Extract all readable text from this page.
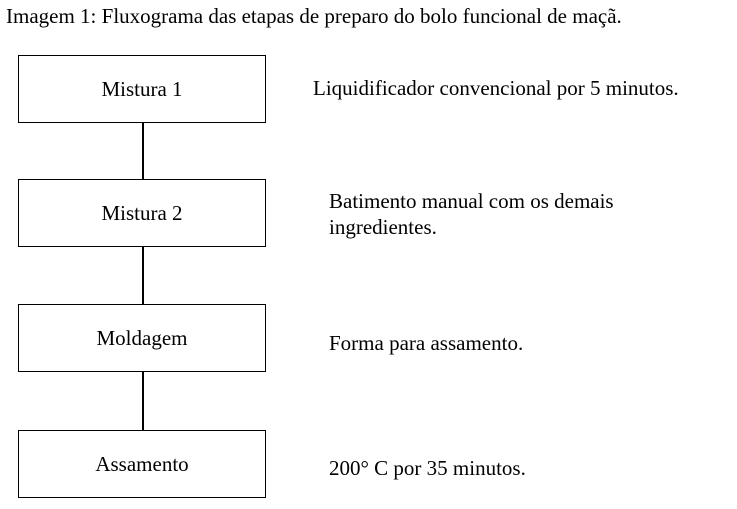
Imagem 1: Fluxograma das etapas de preparo do bolo funcional de maçã.
Mistura 1
Mistura 2
Moldagem
Assamento
Liquidificador convencional por 5 minutos.
Batimento manual com os demais
ingredientes.
Forma para assamento.
200° C por 35 minutos.
